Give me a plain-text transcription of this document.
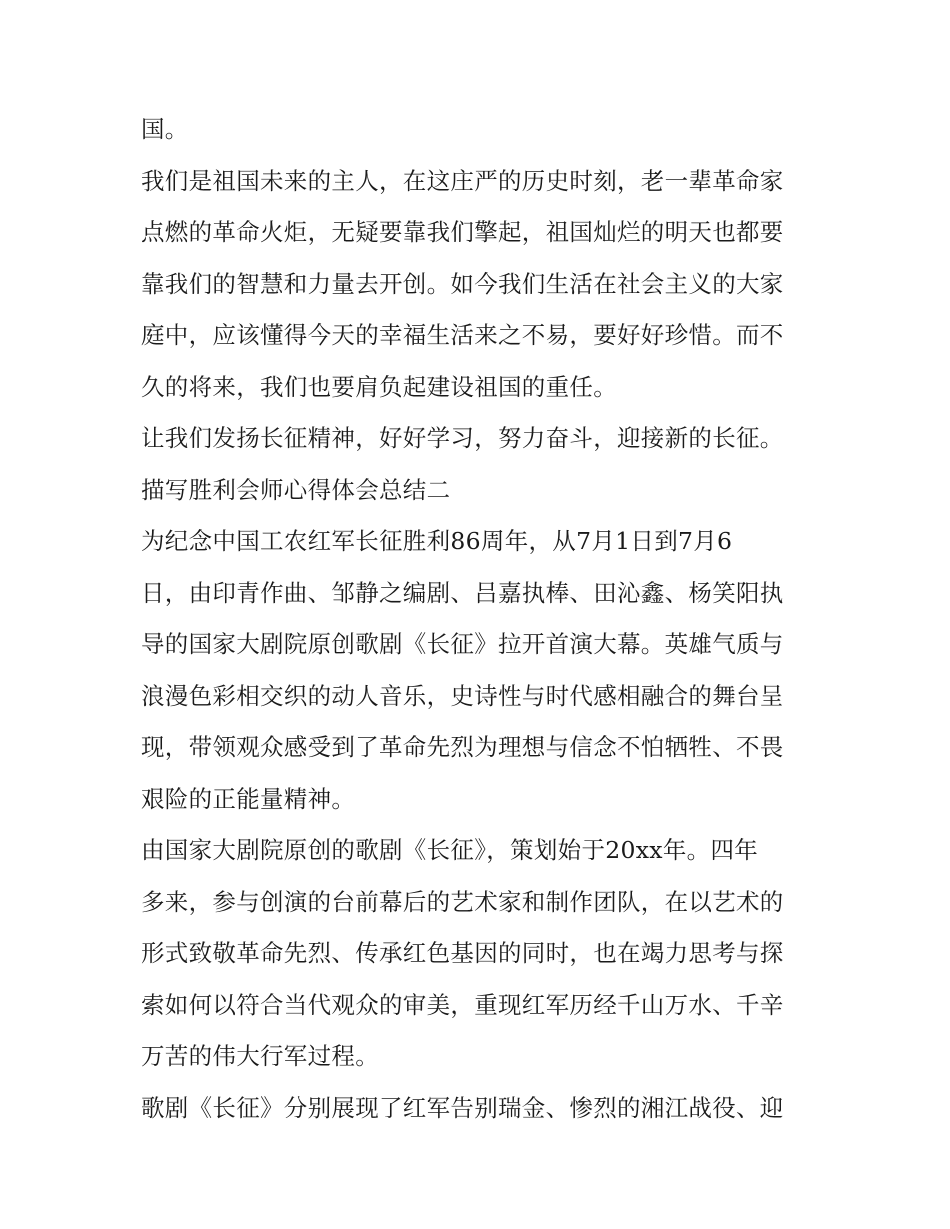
国。
我们是祖国未来的主人，在这庄严的历史时刻，老一辈革命家
点燃的革命火炬，无疑要靠我们擎起，祖国灿烂的明天也都要
靠我们的智慧和力量去开创。如今我们生活在社会主义的大家
庭中，应该懂得今天的幸福生活来之不易，要好好珍惜。而不
久的将来，我们也要肩负起建设祖国的重任。
让我们发扬长征精神，好好学习，努力奋斗，迎接新的长征。
描写胜利会师心得体会总结二
为纪念中国工农红军长征胜利86周年，从7月1日到7月6
日，由印青作曲、邹静之编剧、吕嘉执棒、田沁鑫、杨笑阳执
导的国家大剧院原创歌剧《长征》拉开首演大幕。英雄气质与
浪漫色彩相交织的动人音乐，史诗性与时代感相融合的舞台呈
现，带领观众感受到了革命先烈为理想与信念不怕牺牲、不畏
艰险的正能量精神。
由国家大剧院原创的歌剧《长征》，策划始于20xx年。四年
多来，参与创演的台前幕后的艺术家和制作团队，在以艺术的
形式致敬革命先烈、传承红色基因的同时，也在竭力思考与探
索如何以符合当代观众的审美，重现红军历经千山万水、千辛
万苦的伟大行军过程。
歌剧《长征》分别展现了红军告别瑞金、惨烈的湘江战役、迎
